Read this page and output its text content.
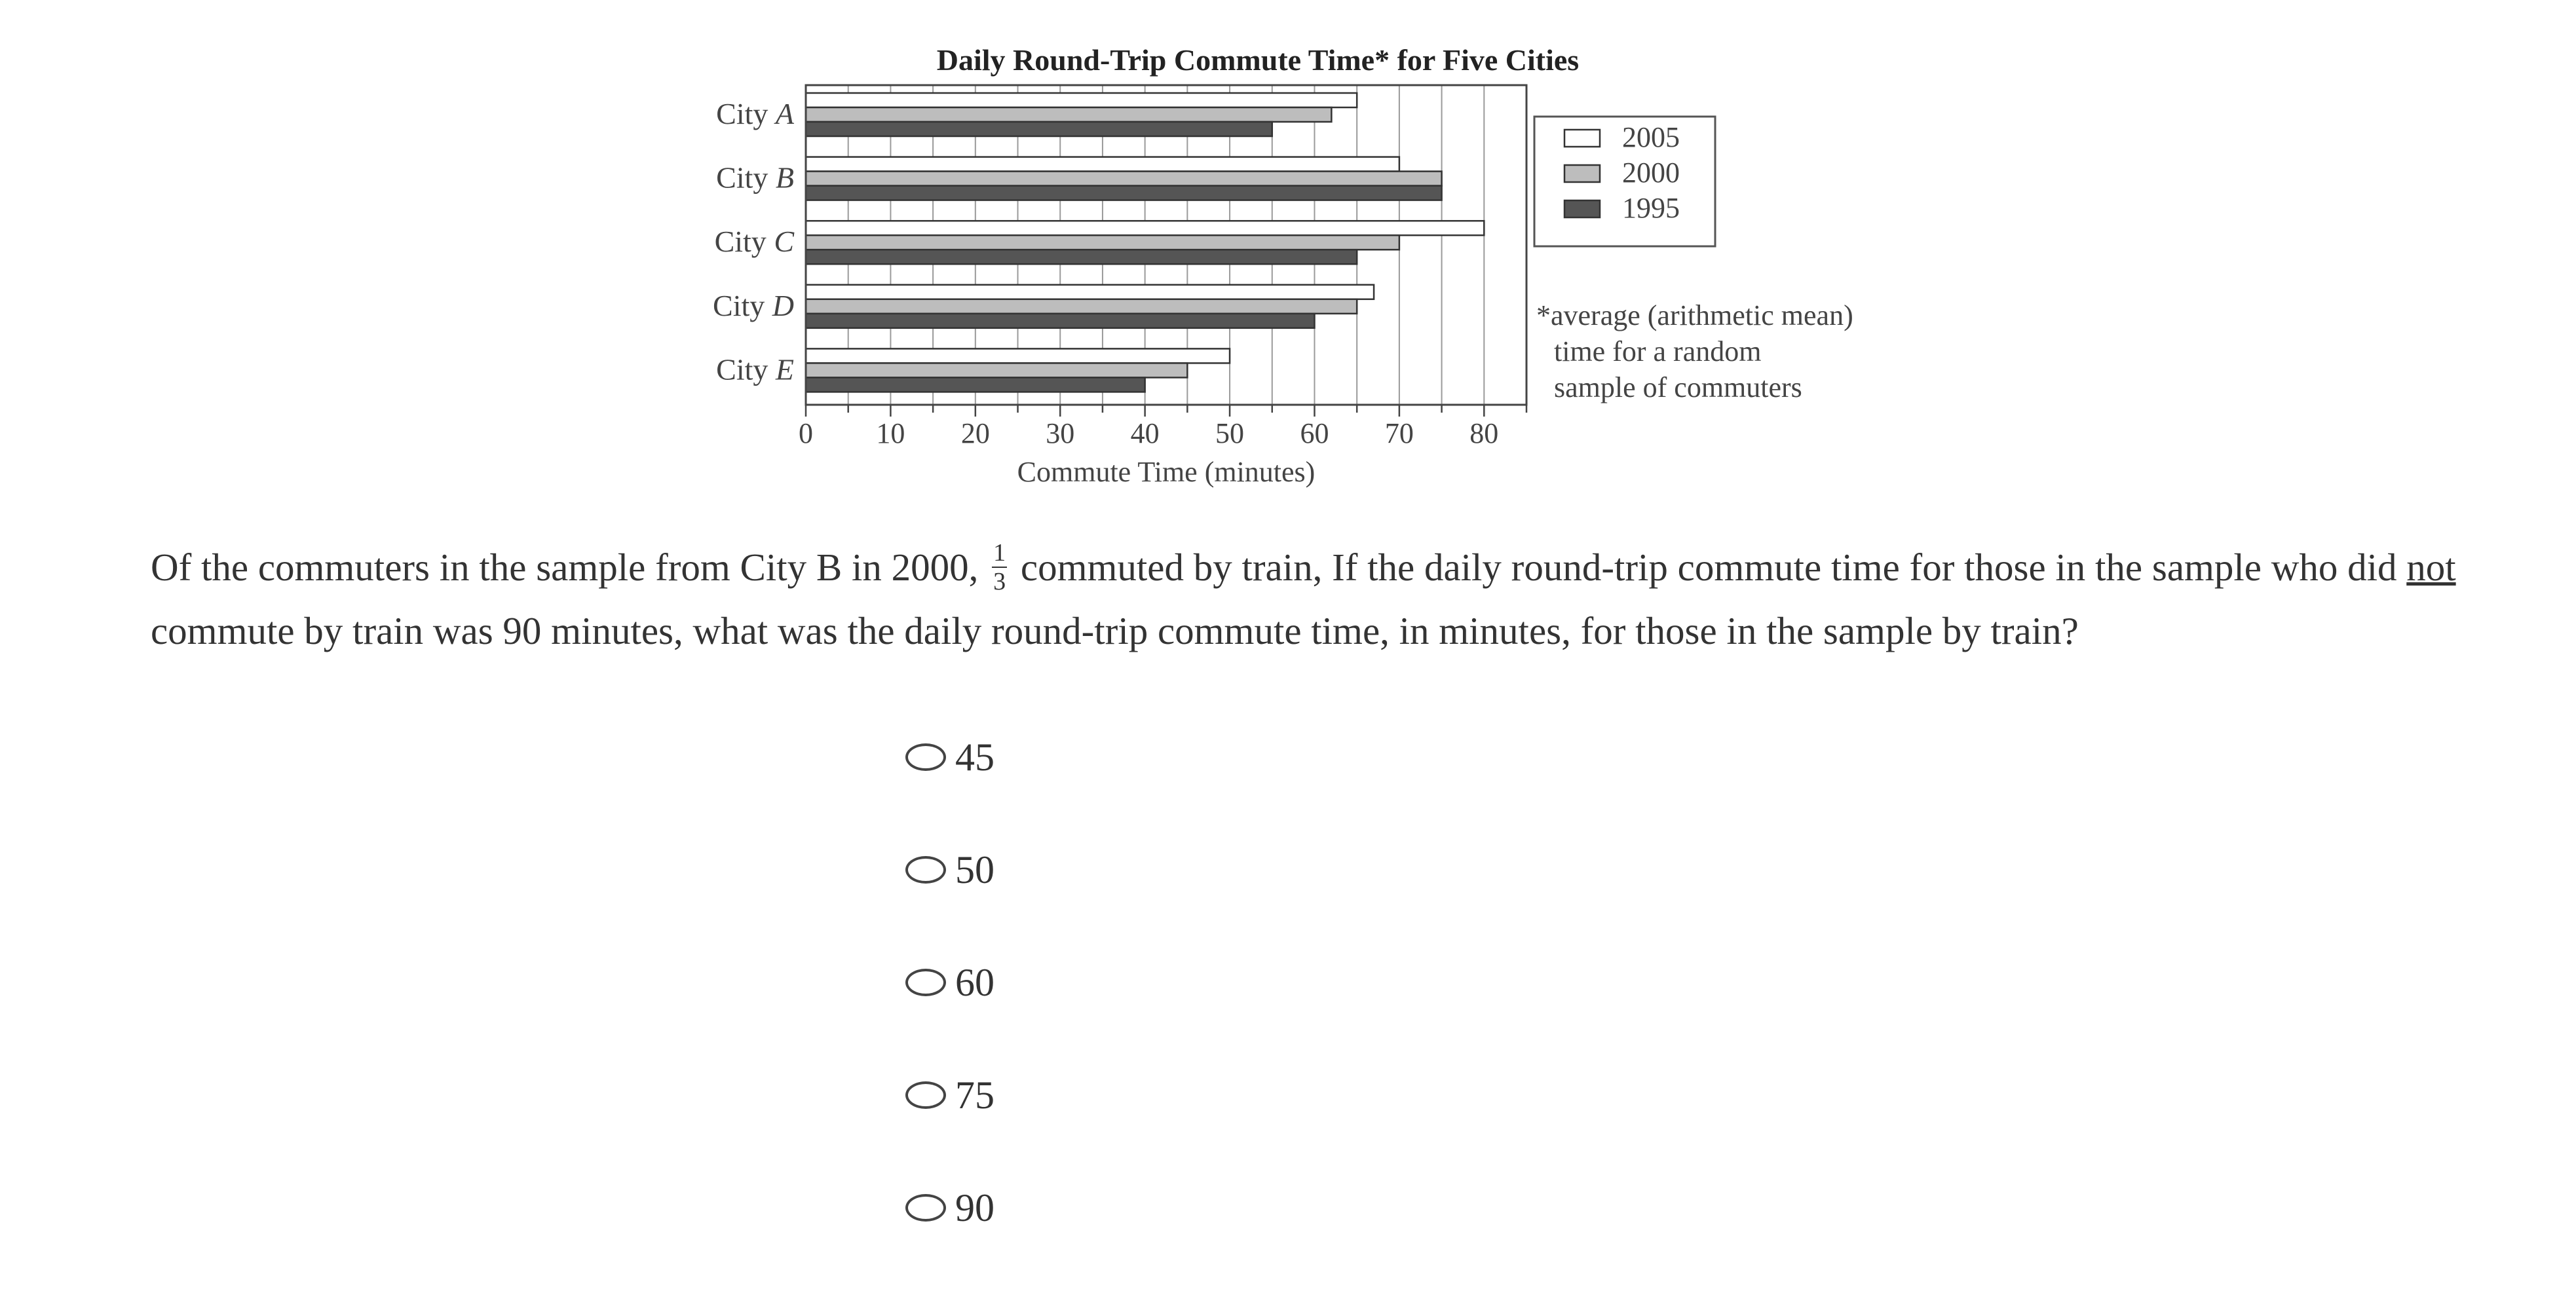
Daily Round-Trip Commute Time* for Five Cities
City A
City B
City C
City D
City E
0 10 20 30 40 50 60 70 80
Commute Time (minutes)
2005
2000
1995
*average (arithmetic mean)
time for a random
sample of commuters
Of the commuters in the sample from City B in 2000, $\frac{1}{3}$ commuted by train, If the daily round-trip commute time for those in the sample who did not commute by train was 90 minutes, what was the daily round-trip commute time, in minutes, for those in the sample by train?
45
50
60
75
90
